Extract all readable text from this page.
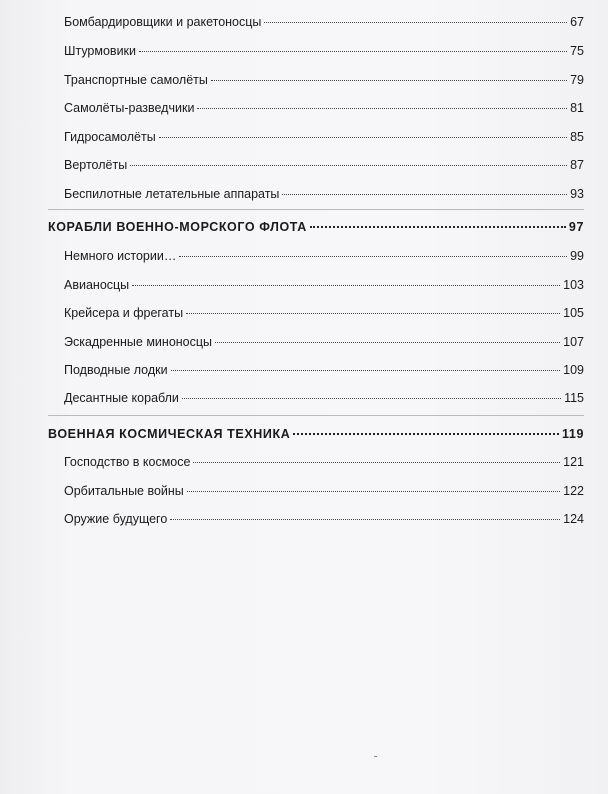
Бомбардировщики и ракетоносцы	67
Штурмовики	75
Транспортные самолёты	79
Самолёты-разведчики	81
Гидросамолёты	85
Вертолёты	87
Беспилотные летательные аппараты	93
КОРАБЛИ ВОЕННО-МОРСКОГО ФЛОТА	97
Немного истории…	99
Авианосцы	103
Крейсера и фрегаты	105
Эскадренные миноносцы	107
Подводные лодки	109
Десантные корабли	115
ВОЕННАЯ КОСМИЧЕСКАЯ ТЕХНИКА	119
Господство в космосе	121
Орбитальные войны	122
Оружие будущего	124
